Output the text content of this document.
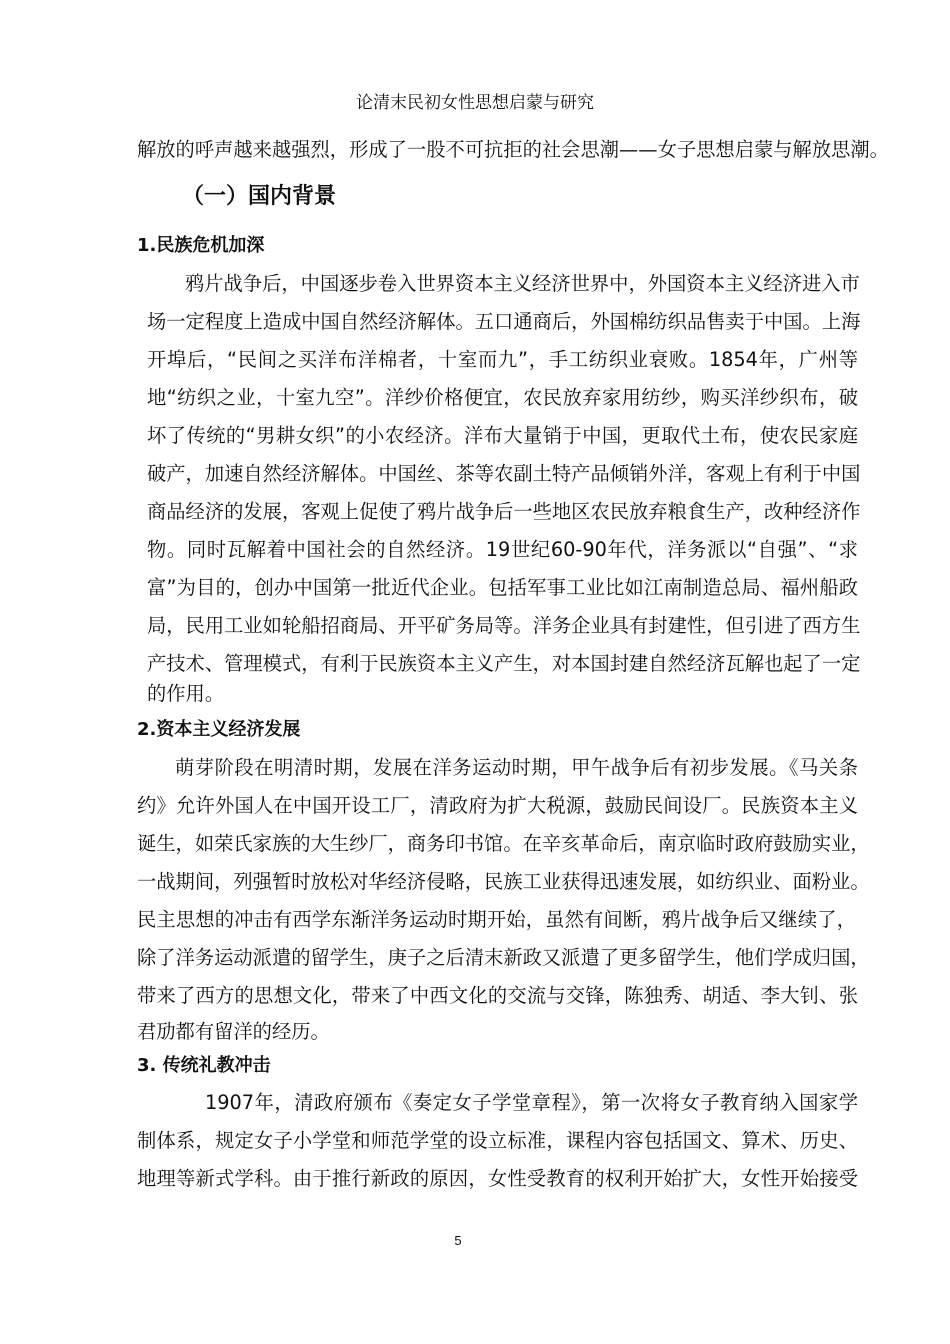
论清末民初女性思想启蒙与研究
解放的呼声越来越强烈，形成了一股不可抗拒的社会思潮——女子思想启蒙与解放思潮。
（一）国内背景
1.民族危机加深
鸦片战争后，中国逐步卷入世界资本主义经济世界中，外国资本主义经济进入市
场一定程度上造成中国自然经济解体。五口通商后，外国棉纺织品售卖于中国。上海
开埠后，“民间之买洋布洋棉者，十室而九”，手工纺织业衰败。1854年，广州等
地“纺织之业，十室九空”。洋纱价格便宜，农民放弃家用纺纱，购买洋纱织布，破
坏了传统的“男耕女织”的小农经济。洋布大量销于中国，更取代土布，使农民家庭
破产，加速自然经济解体。中国丝、茶等农副土特产品倾销外洋，客观上有利于中国
商品经济的发展，客观上促使了鸦片战争后一些地区农民放弃粮食生产，改种经济作
物。同时瓦解着中国社会的自然经济。19世纪60-90年代，洋务派以“自强”、“求
富”为目的，创办中国第一批近代企业。包括军事工业比如江南制造总局、福州船政
局，民用工业如轮船招商局、开平矿务局等。洋务企业具有封建性，但引进了西方生
产技术、管理模式，有利于民族资本主义产生，对本国封建自然经济瓦解也起了一定
的作用。
2.资本主义经济发展
萌芽阶段在明清时期，发展在洋务运动时期，甲午战争后有初步发展。《马关条
约》允许外国人在中国开设工厂，清政府为扩大税源，鼓励民间设厂。民族资本主义
诞生，如荣氏家族的大生纱厂，商务印书馆。在辛亥革命后，南京临时政府鼓励实业，
一战期间，列强暂时放松对华经济侵略，民族工业获得迅速发展，如纺织业、面粉业。
民主思想的冲击有西学东渐洋务运动时期开始，虽然有间断，鸦片战争后又继续了，
除了洋务运动派遣的留学生，庚子之后清末新政又派遣了更多留学生，他们学成归国，
带来了西方的思想文化，带来了中西文化的交流与交锋，陈独秀、胡适、李大钊、张
君劢都有留洋的经历。
3. 传统礼教冲击
1907年，清政府颁布《奏定女子学堂章程》，第一次将女子教育纳入国家学
制体系，规定女子小学堂和师范学堂的设立标准，课程内容包括国文、算术、历史、
地理等新式学科。由于推行新政的原因，女性受教育的权利开始扩大，女性开始接受
5
